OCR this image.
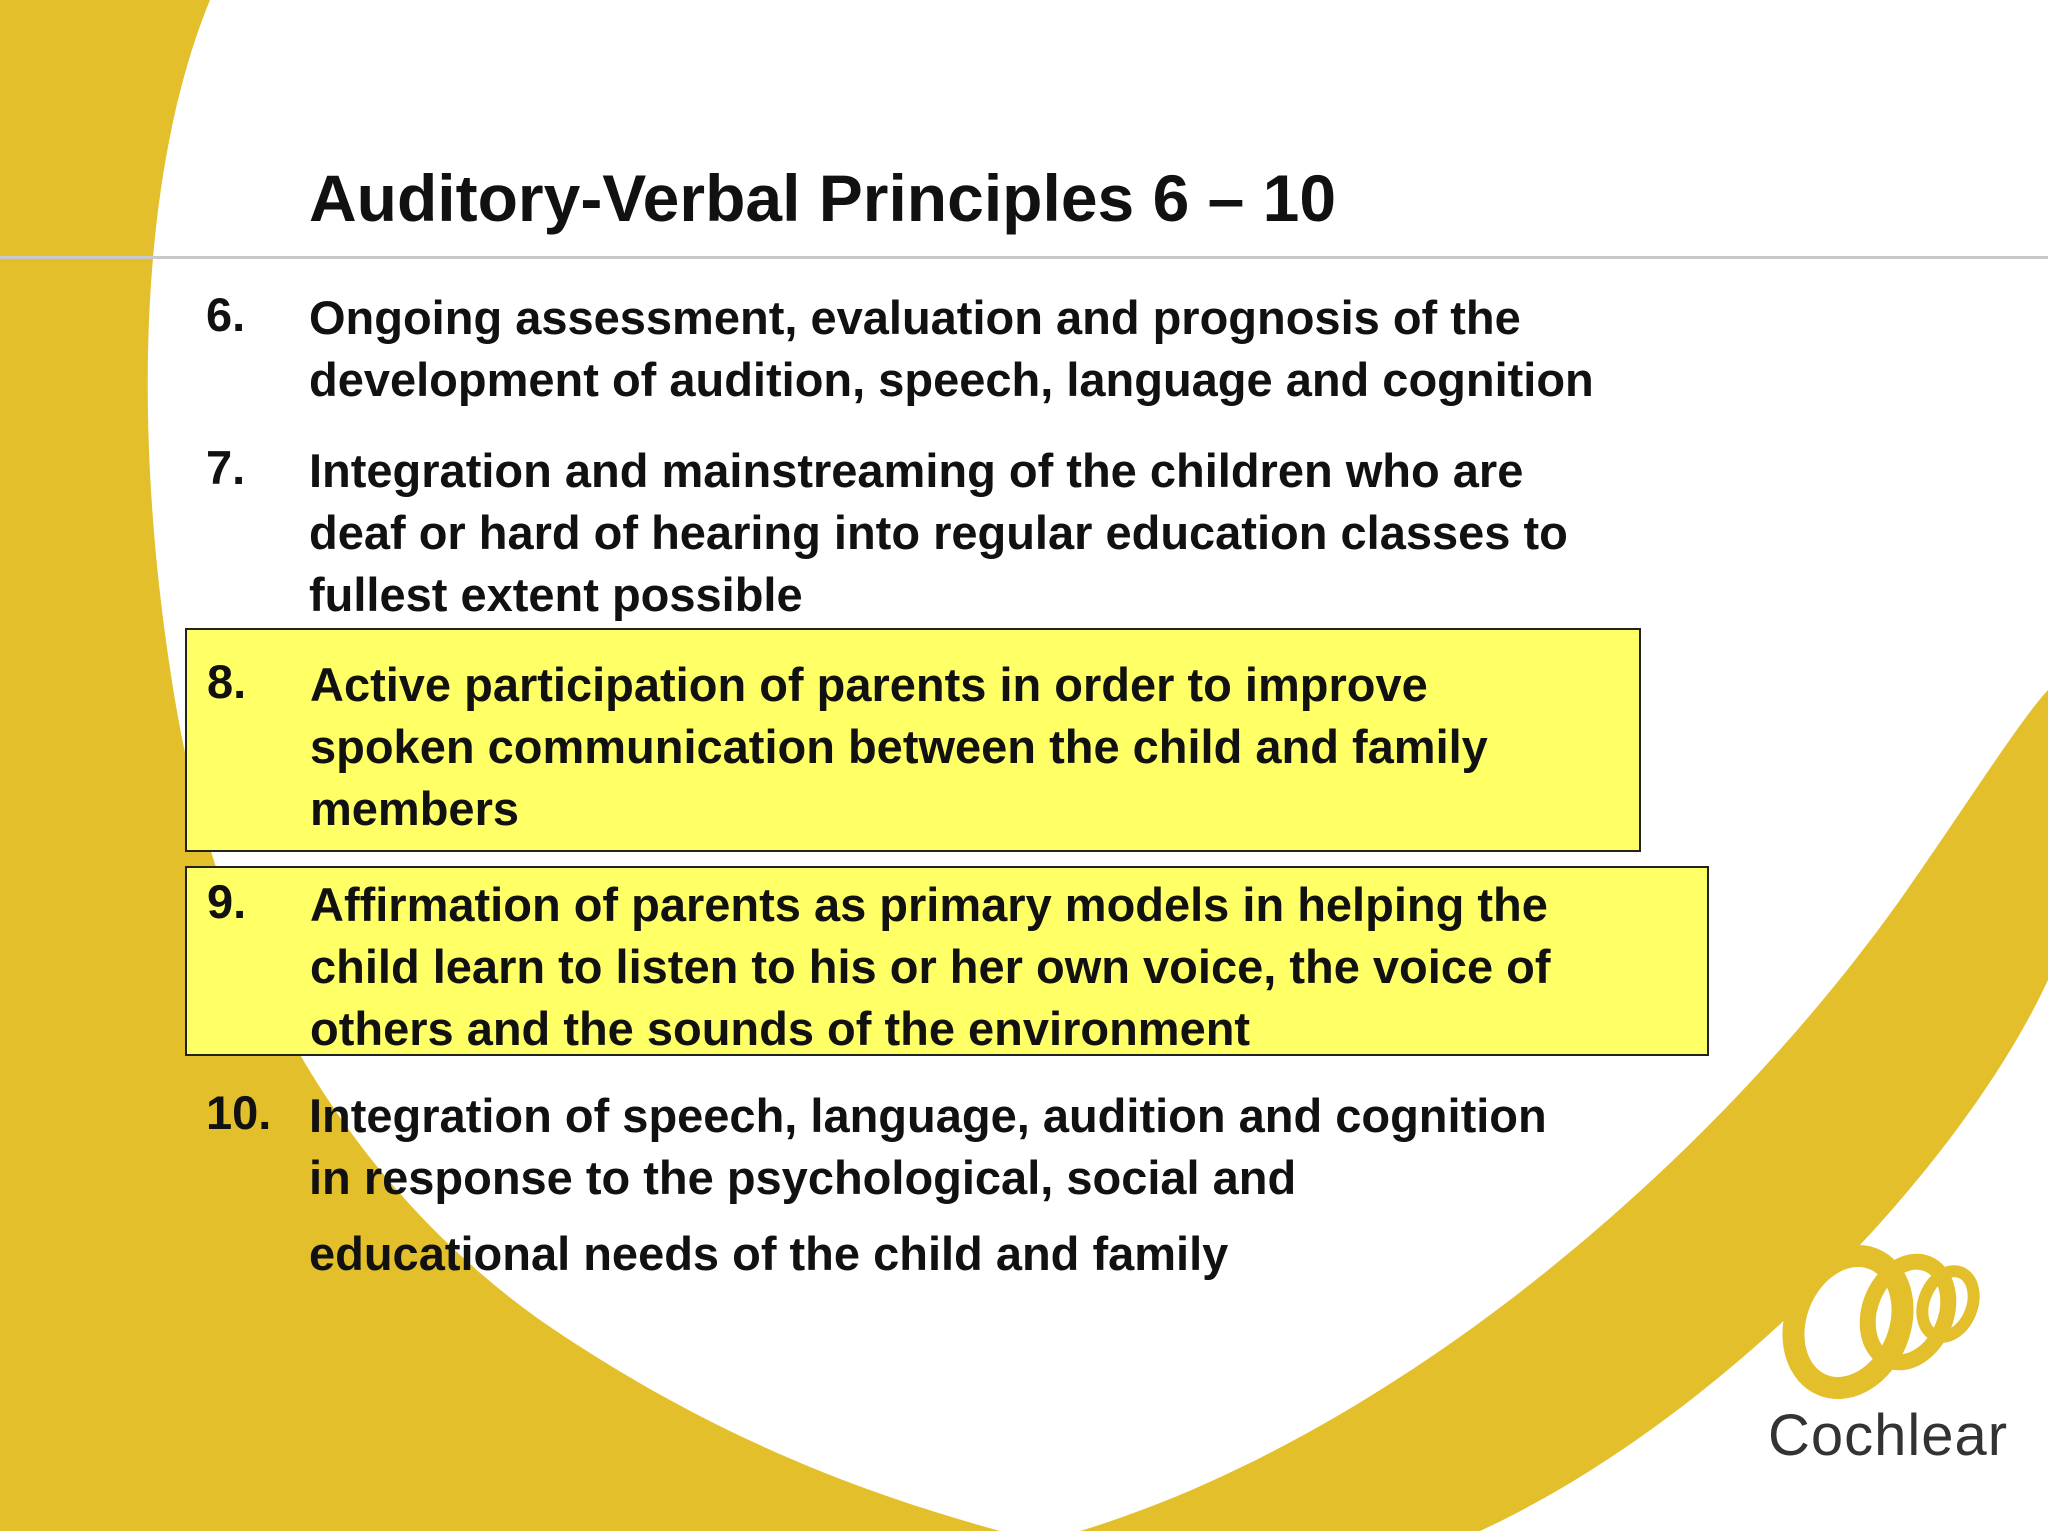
Auditory-Verbal Principles 6 – 10
6. Ongoing assessment, evaluation and prognosis of the
development of audition, speech, language and cognition
7. Integration and mainstreaming of the children who are
deaf or hard of hearing into regular education classes to
fullest extent possible
8. Active participation of parents in order to improve
spoken communication between the child and family
members
9. Affirmation of parents as primary models in helping the
child learn to listen to his or her own voice, the voice of
others and the sounds of the environment
10. Integration of speech, language, audition and cognition
in response to the psychological, social and
educational needs of the child and family
Cochlear
